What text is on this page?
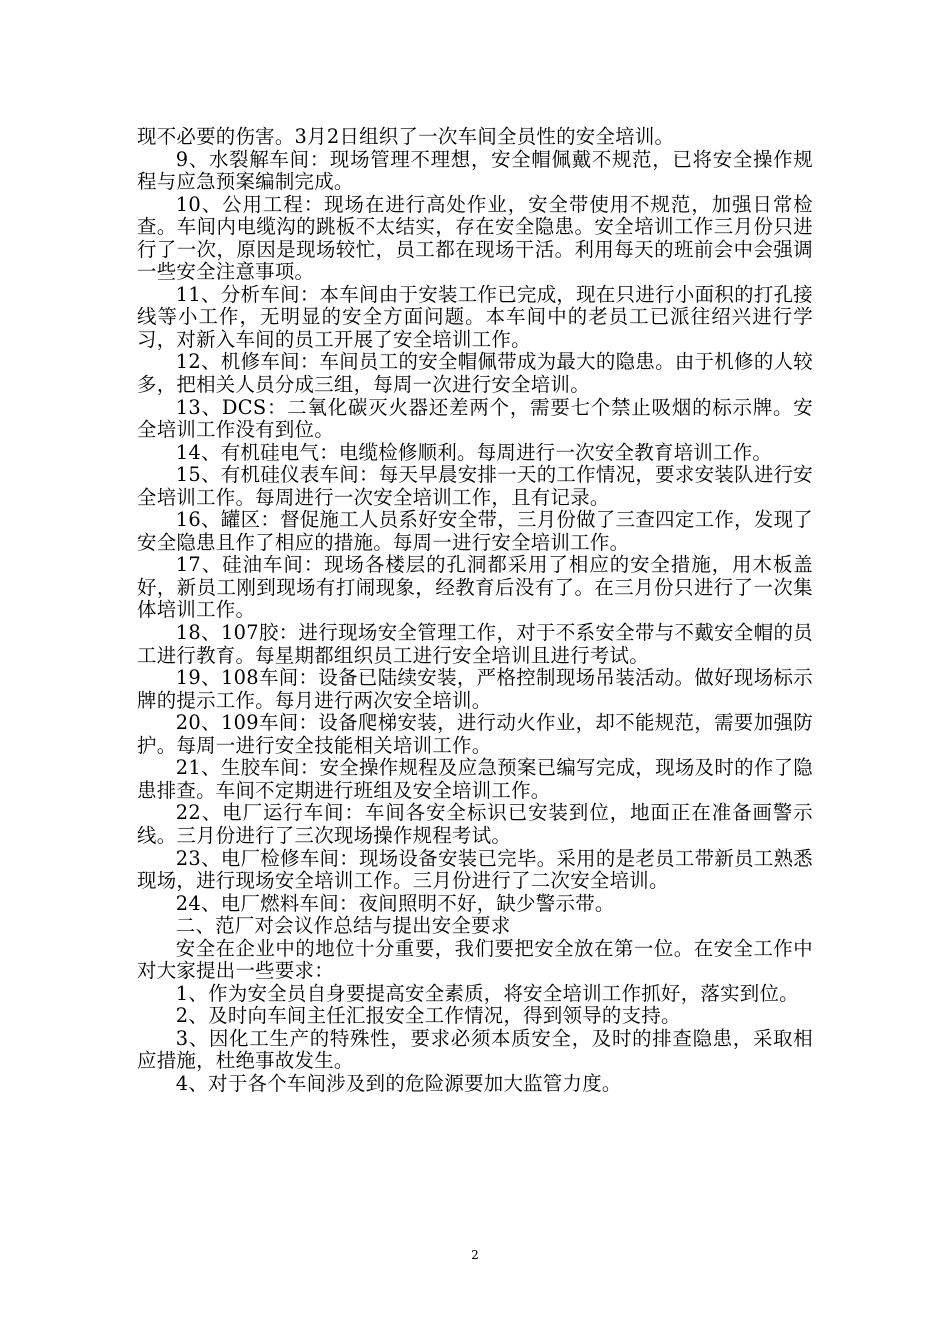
现不必要的伤害。3月2日组织了一次车间全员性的安全培训。

9、水裂解车间：现场管理不理想，安全帽佩戴不规范，已将安全操作规程与应急预案编制完成。

10、公用工程：现场在进行高处作业，安全带使用不规范，加强日常检查。车间内电缆沟的跳板不太结实，存在安全隐患。安全培训工作三月份只进行了一次，原因是现场较忙，员工都在现场干活。利用每天的班前会中会强调一些安全注意事项。

11、分析车间：本车间由于安装工作已完成，现在只进行小面积的打孔接线等小工作，无明显的安全方面问题。本车间中的老员工已派往绍兴进行学习，对新入车间的员工开展了安全培训工作。

12、机修车间：车间员工的安全帽佩带成为最大的隐患。由于机修的人较多，把相关人员分成三组，每周一次进行安全培训。

13、DCS：二氧化碳灭火器还差两个，需要七个禁止吸烟的标示牌。安全培训工作没有到位。

14、有机硅电气：电缆检修顺利。每周进行一次安全教育培训工作。

15、有机硅仪表车间：每天早晨安排一天的工作情况，要求安装队进行安全培训工作。每周进行一次安全培训工作，且有记录。

16、罐区：督促施工人员系好安全带，三月份做了三查四定工作，发现了安全隐患且作了相应的措施。每周一进行安全培训工作。

17、硅油车间：现场各楼层的孔洞都采用了相应的安全措施，用木板盖好，新员工刚到现场有打闹现象，经教育后没有了。在三月份只进行了一次集体培训工作。

18、107胶：进行现场安全管理工作，对于不系安全带与不戴安全帽的员工进行教育。每星期都组织员工进行安全培训且进行考试。

19、108车间：设备已陆续安装，严格控制现场吊装活动。做好现场标示牌的提示工作。每月进行两次安全培训。

20、109车间：设备爬梯安装，进行动火作业，却不能规范，需要加强防护。每周一进行安全技能相关培训工作。

21、生胶车间：安全操作规程及应急预案已编写完成，现场及时的作了隐患排查。车间不定期进行班组及安全培训工作。

22、电厂运行车间：车间各安全标识已安装到位，地面正在准备画警示线。三月份进行了三次现场操作规程考试。

23、电厂检修车间：现场设备安装已完毕。采用的是老员工带新员工熟悉现场，进行现场安全培训工作。三月份进行了二次安全培训。

24、电厂燃料车间：夜间照明不好，缺少警示带。

二、范厂对会议作总结与提出安全要求

安全在企业中的地位十分重要，我们要把安全放在第一位。在安全工作中对大家提出一些要求：

1、作为安全员自身要提高安全素质，将安全培训工作抓好，落实到位。

2、及时向车间主任汇报安全工作情况，得到领导的支持。

3、因化工生产的特殊性，要求必须本质安全，及时的排查隐患，采取相应措施，杜绝事故发生。

4、对于各个车间涉及到的危险源要加大监管力度。

2
